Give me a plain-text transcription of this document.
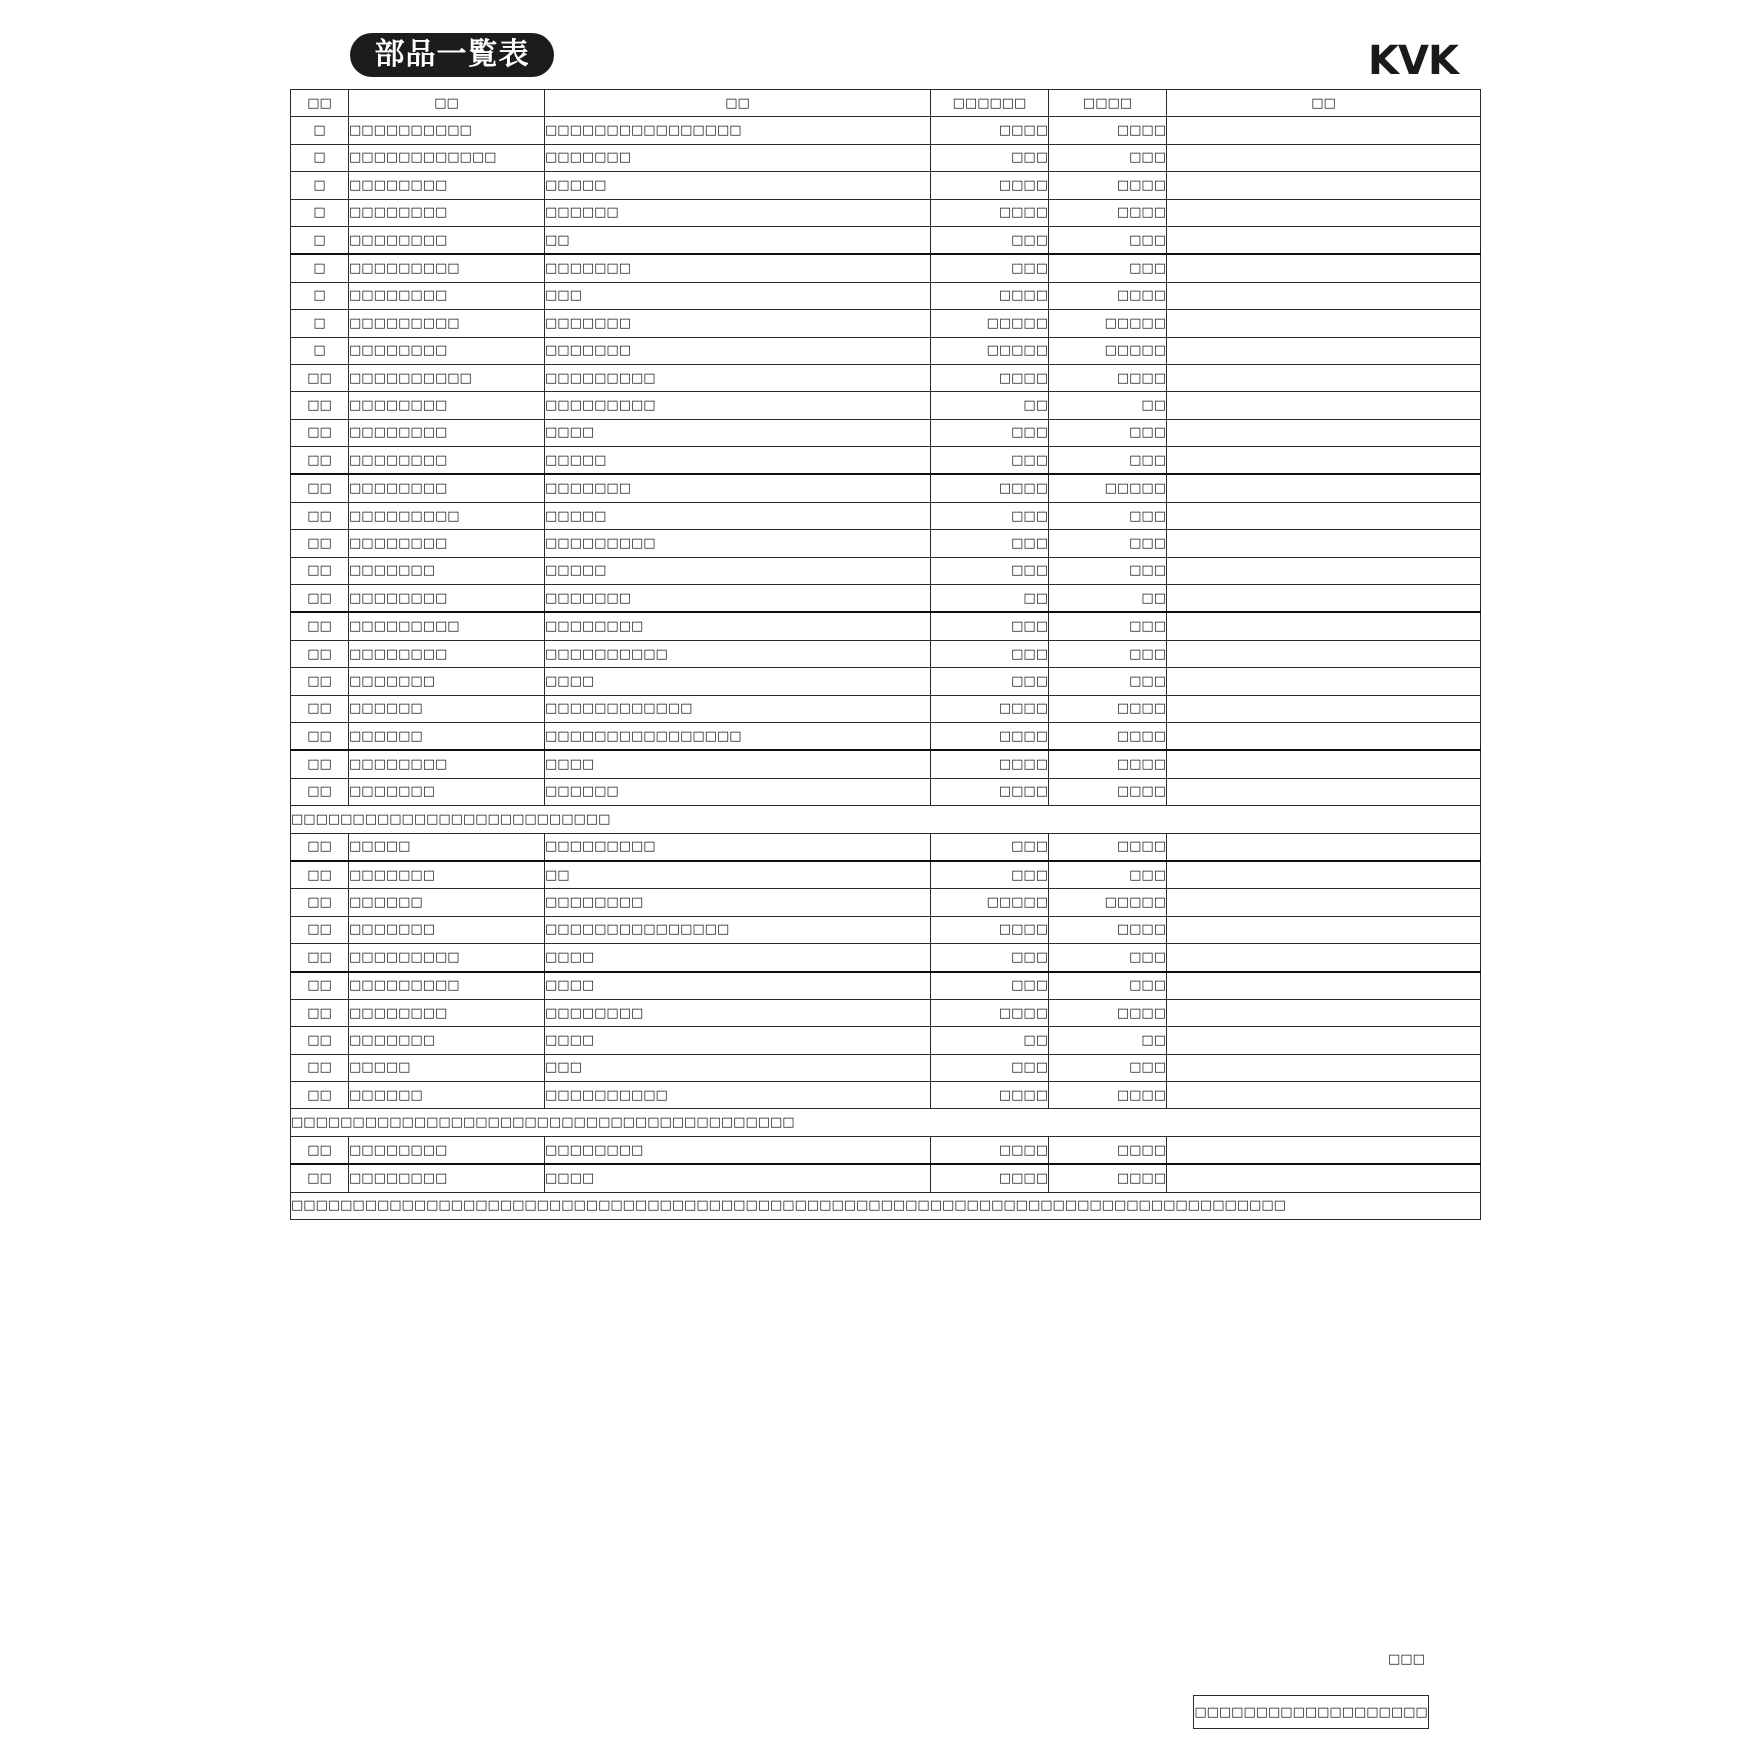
部品一覧表	KVK
□□	□□	□□	□□□□□□	□□□□	□□
□	□□□□□□□□□□	□□□□□□□□□□□□□□□□	□□□□	□□□□	
□	□□□□□□□□□□□□	□□□□□□□	□□□	□□□	
□	□□□□□□□□	□□□□□	□□□□	□□□□	
□	□□□□□□□□	□□□□□□	□□□□	□□□□	
□	□□□□□□□□	□□	□□□	□□□	
□	□□□□□□□□□	□□□□□□□	□□□	□□□	
□	□□□□□□□□	□□□	□□□□	□□□□	
□	□□□□□□□□□	□□□□□□□	□□□□□	□□□□□	
□	□□□□□□□□	□□□□□□□	□□□□□	□□□□□	
□□	□□□□□□□□□□	□□□□□□□□□	□□□□	□□□□	
□□	□□□□□□□□	□□□□□□□□□	□□	□□	
□□	□□□□□□□□	□□□□	□□□	□□□	
□□	□□□□□□□□	□□□□□	□□□	□□□	
□□	□□□□□□□□	□□□□□□□	□□□□	□□□□□	
□□	□□□□□□□□□	□□□□□	□□□	□□□	
□□	□□□□□□□□	□□□□□□□□□	□□□	□□□	
□□	□□□□□□□	□□□□□	□□□	□□□	
□□	□□□□□□□□	□□□□□□□	□□	□□	
□□	□□□□□□□□□	□□□□□□□□	□□□	□□□	
□□	□□□□□□□□	□□□□□□□□□□	□□□	□□□	
□□	□□□□□□□	□□□□	□□□	□□□	
□□	□□□□□□	□□□□□□□□□□□□	□□□□	□□□□	
□□	□□□□□□	□□□□□□□□□□□□□□□□	□□□□	□□□□	
□□	□□□□□□□□	□□□□	□□□□	□□□□	
□□	□□□□□□□	□□□□□□	□□□□	□□□□	
□□□□□□□□□□□□□□□□□□□□□□□□□□					
□□	□□□□□	□□□□□□□□□	□□□	□□□□	
□□	□□□□□□□	□□	□□□	□□□	
□□	□□□□□□	□□□□□□□□	□□□□□	□□□□□	
□□	□□□□□□□	□□□□□□□□□□□□□□□	□□□□	□□□□	
□□	□□□□□□□□□	□□□□	□□□	□□□	
□□	□□□□□□□□□	□□□□	□□□	□□□	
□□	□□□□□□□□	□□□□□□□□	□□□□	□□□□	
□□	□□□□□□□	□□□□	□□	□□	
□□	□□□□□	□□□	□□□	□□□	
□□	□□□□□□	□□□□□□□□□□	□□□□	□□□□	
□□□□□□□□□□□□□□□□□□□□□□□□□□□□□□□□□□□□□□□□□					
□□	□□□□□□□□	□□□□□□□□	□□□□	□□□□	
□□	□□□□□□□□	□□□□	□□□□	□□□□	
□□□□□□□□□□□□□□□□□□□□□□□□□□□□□□□□□□□□□□□□□□□□□□□□□□□□□□□□□□□□□□□□□□□□□□□□□□□□□□□□□					
□□□
□□□□□□□□□□□□□□□□□□□
